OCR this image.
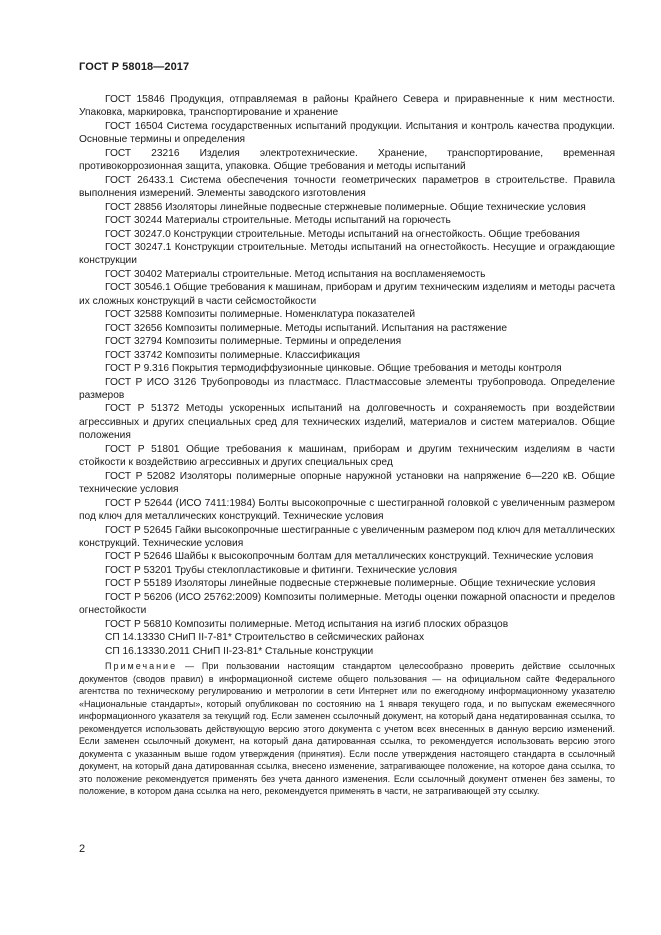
ГОСТ Р 58018—2017

ГОСТ 15846 Продукция, отправляемая в районы Крайнего Севера и приравненные к ним местности. Упаковка, маркировка, транспортирование и хранение

ГОСТ 16504 Система государственных испытаний продукции. Испытания и контроль качества продукции. Основные термины и определения

ГОСТ 23216 Изделия электротехнические. Хранение, транспортирование, временная противокоррозионная защита, упаковка. Общие требования и методы испытаний

ГОСТ 26433.1 Система обеспечения точности геометрических параметров в строительстве. Правила выполнения измерений. Элементы заводского изготовления

ГОСТ 28856 Изоляторы линейные подвесные стержневые полимерные. Общие технические условия

ГОСТ 30244 Материалы строительные. Методы испытаний на горючесть

ГОСТ 30247.0 Конструкции строительные. Методы испытаний на огнестойкость. Общие требования

ГОСТ 30247.1 Конструкции строительные. Методы испытаний на огнестойкость. Несущие и ограждающие конструкции

ГОСТ 30402 Материалы строительные. Метод испытания на воспламеняемость

ГОСТ 30546.1 Общие требования к машинам, приборам и другим техническим изделиям и методы расчета их сложных конструкций в части сейсмостойкости

ГОСТ 32588 Композиты полимерные. Номенклатура показателей

ГОСТ 32656 Композиты полимерные. Методы испытаний. Испытания на растяжение

ГОСТ 32794 Композиты полимерные. Термины и определения

ГОСТ 33742 Композиты полимерные. Классификация

ГОСТ Р 9.316 Покрытия термодиффузионные цинковые. Общие требования и методы контроля

ГОСТ Р ИСО 3126 Трубопроводы из пластмасс. Пластмассовые элементы трубопровода. Определение размеров

ГОСТ Р 51372 Методы ускоренных испытаний на долговечность и сохраняемость при воздействии агрессивных и других специальных сред для технических изделий, материалов и систем материалов. Общие положения

ГОСТ Р 51801 Общие требования к машинам, приборам и другим техническим изделиям в части стойкости к воздействию агрессивных и других специальных сред

ГОСТ Р 52082 Изоляторы полимерные опорные наружной установки на напряжение 6—220 кВ. Общие технические условия

ГОСТ Р 52644 (ИСО 7411:1984) Болты высокопрочные с шестигранной головкой с увеличенным размером под ключ для металлических конструкций. Технические условия

ГОСТ Р 52645 Гайки высокопрочные шестигранные с увеличенным размером под ключ для металлических конструкций. Технические условия

ГОСТ Р 52646 Шайбы к высокопрочным болтам для металлических конструкций. Технические условия

ГОСТ Р 53201 Трубы стеклопластиковые и фитинги. Технические условия

ГОСТ Р 55189 Изоляторы линейные подвесные стержневые полимерные. Общие технические условия

ГОСТ Р 56206 (ИСО 25762:2009) Композиты полимерные. Методы оценки пожарной опасности и пределов огнестойкости

ГОСТ Р 56810 Композиты полимерные. Метод испытания на изгиб плоских образцов

СП 14.13330 СНиП II-7-81* Строительство в сейсмических районах

СП 16.13330.2011 СНиП II-23-81* Стальные конструкции

Примечание — При пользовании настоящим стандартом целесообразно проверить действие ссылочных документов (сводов правил) в информационной системе общего пользования — на официальном сайте Федерального агентства по техническому регулированию и метрологии в сети Интернет или по ежегодному информационному указателю «Национальные стандарты», который опубликован по состоянию на 1 января текущего года, и по выпускам ежемесячного информационного указателя за текущий год. Если заменен ссылочный документ, на который дана недатированная ссылка, то рекомендуется использовать действующую версию этого документа с учетом всех внесенных в данную версию изменений. Если заменен ссылочный документ, на который дана датированная ссылка, то рекомендуется использовать версию этого документа с указанным выше годом утверждения (принятия). Если после утверждения настоящего стандарта в ссылочный документ, на который дана датированная ссылка, внесено изменение, затрагивающее положение, на которое дана ссылка, то это положение рекомендуется применять без учета данного изменения. Если ссылочный документ отменен без замены, то положение, в котором дана ссылка на него, рекомендуется применять в части, не затрагивающей эту ссылку.

2
